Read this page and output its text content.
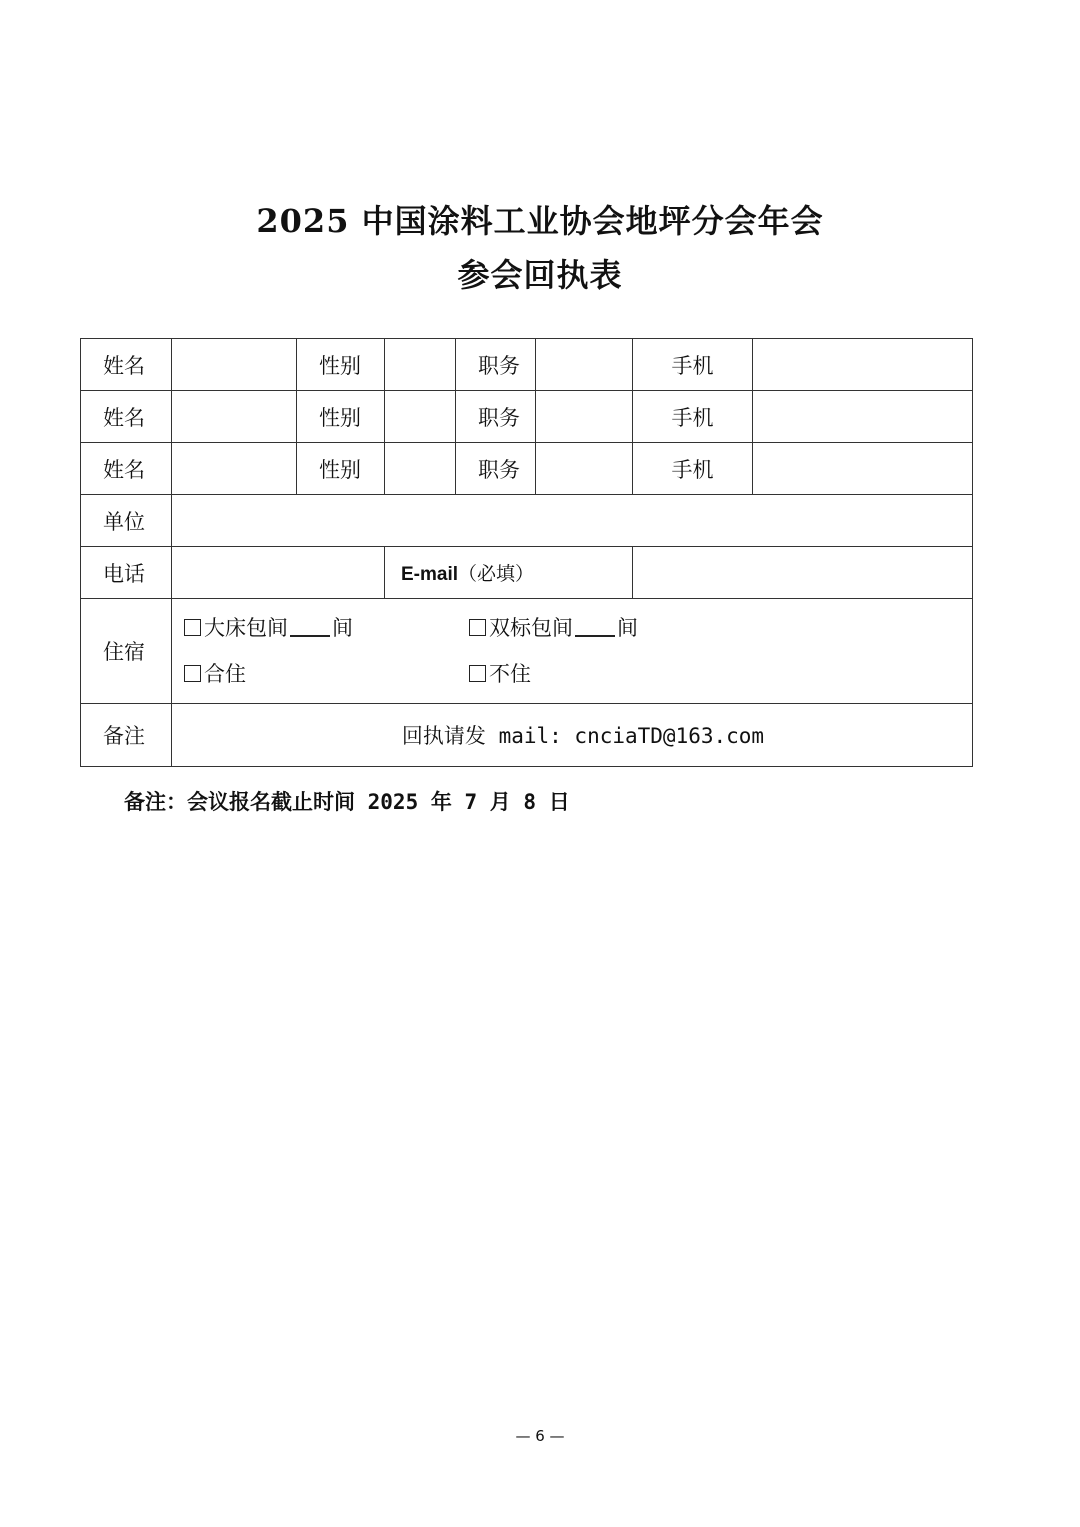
2025 中国涂料工业协会地坪分会年会
参会回执表
姓名		性别		职务		手机	
姓名		性别		职务		手机	
姓名		性别		职务		手机	
单位							
电话			E-mail（必填）				
住宿	大床包间 间 双标包间 间
合住 不住						

备注	回执请发 mail: cnciaTD@163.com						
备注：会议报名截止时间 2025 年 7 月 8 日
— 6 —
